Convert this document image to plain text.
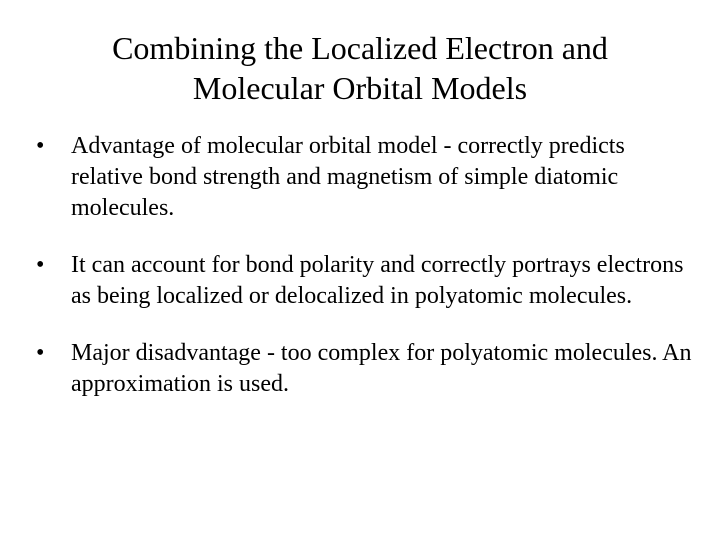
Combining the Localized Electron and
Molecular Orbital Models
• Advantage of molecular orbital model - correctly predicts relative bond strength and magnetism of simple diatomic molecules.
• It can account for bond polarity and correctly portrays electrons as being localized or delocalized in polyatomic molecules.
• Major disadvantage - too complex for polyatomic molecules. An approximation is used.
